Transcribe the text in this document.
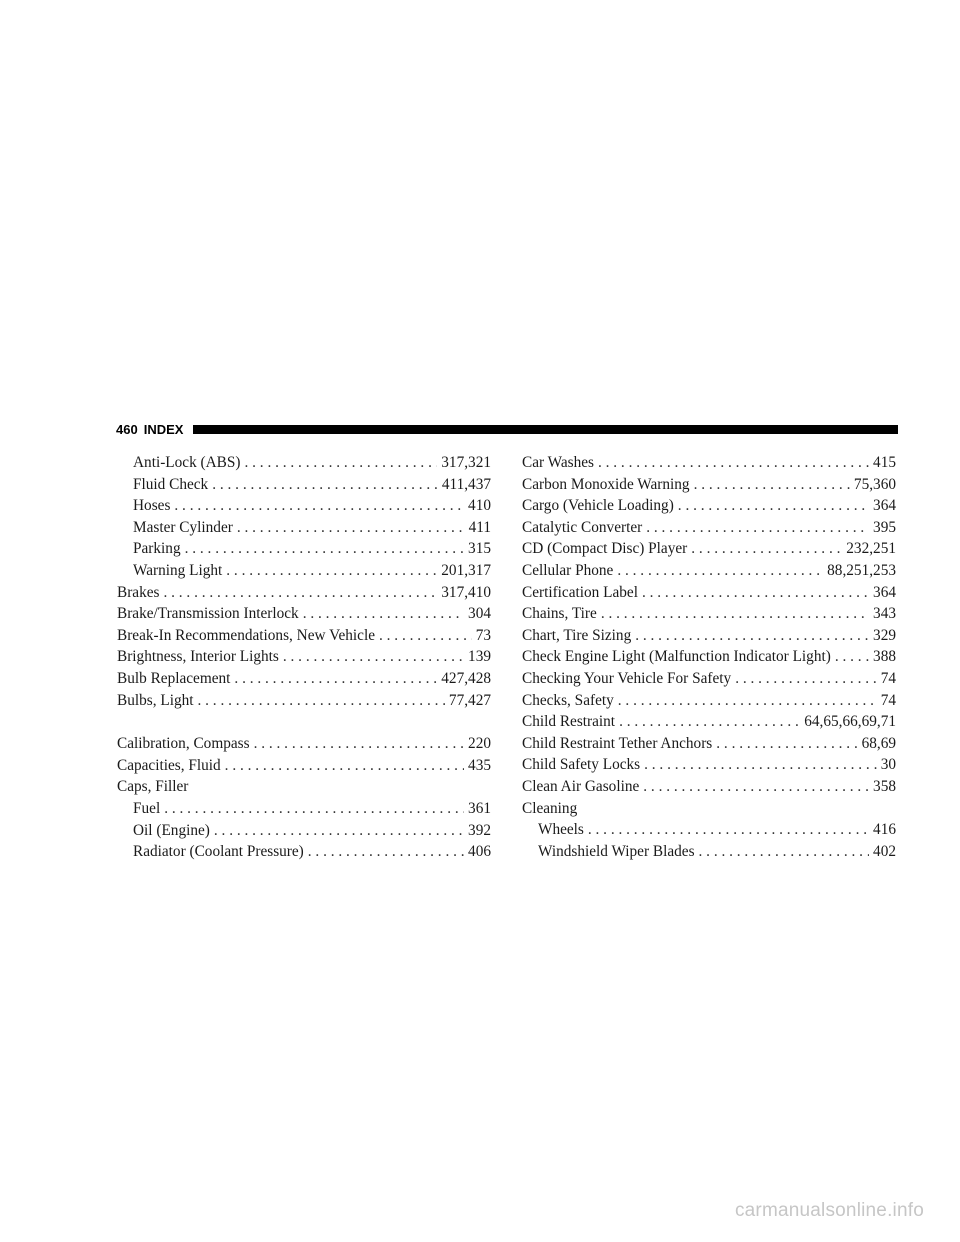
460 INDEX
Anti-Lock (ABS) . . .	317,321
Fluid Check . . .	411,437
Hoses . . .	410
Master Cylinder . . .	411
Parking . . .	315
Warning Light . . .	201,317
Brakes . . .	317,410
Brake/Transmission Interlock . . .	304
Break-In Recommendations, New Vehicle . . .	73
Brightness, Interior Lights . . .	139
Bulb Replacement . . .	427,428
Bulbs, Light . . .	77,427
Calibration, Compass . . .	220
Capacities, Fluid . . .	435
Caps, Filler
Fuel . . .	361
Oil (Engine) . . .	392
Radiator (Coolant Pressure) . . .	406
Car Washes . . .	415
Carbon Monoxide Warning . . .	75,360
Cargo (Vehicle Loading) . . .	364
Catalytic Converter . . .	395
CD (Compact Disc) Player . . .	232,251
Cellular Phone . . .	88,251,253
Certification Label . . .	364
Chains, Tire . . .	343
Chart, Tire Sizing . . .	329
Check Engine Light (Malfunction Indicator Light) . . .	388
Checking Your Vehicle For Safety . . .	74
Checks, Safety . . .	74
Child Restraint . . .	64,65,66,69,71
Child Restraint Tether Anchors . . .	68,69
Child Safety Locks . . .	30
Clean Air Gasoline . . .	358
Cleaning
Wheels . . .	416
Windshield Wiper Blades . . .	402
carmanualsonline.info
